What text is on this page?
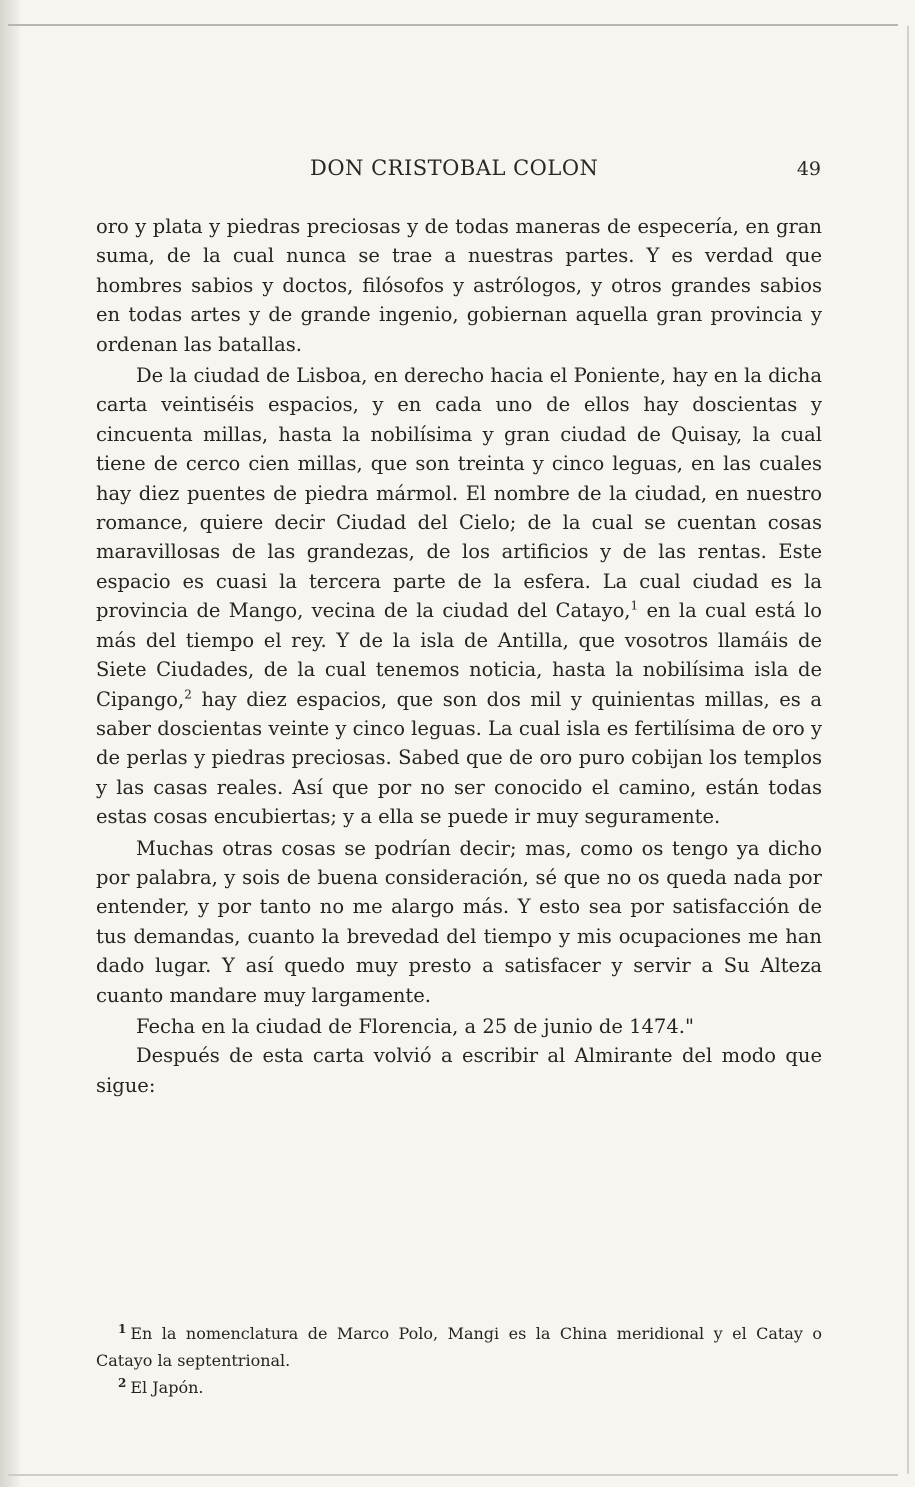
DON CRISTOBAL COLON	49

oro y plata y piedras preciosas y de todas maneras de especería, en gran suma, de la cual nunca se trae a nuestras partes. Y es verdad que hombres sabios y doctos, filósofos y astrólogos, y otros grandes sabios en todas artes y de grande ingenio, gobiernan aquella gran provincia y ordenan las batallas.

De la ciudad de Lisboa, en derecho hacia el Poniente, hay en la dicha carta veintiséis espacios, y en cada uno de ellos hay doscientas y cincuenta millas, hasta la nobilísima y gran ciudad de Quisay, la cual tiene de cerco cien millas, que son treinta y cinco leguas, en las cuales hay diez puentes de piedra mármol. El nombre de la ciudad, en nuestro romance, quiere decir Ciudad del Cielo; de la cual se cuentan cosas maravillosas de las grandezas, de los artificios y de las rentas. Este espacio es cuasi la tercera parte de la esfera. La cual ciudad es la provincia de Mango, vecina de la ciudad del Catayo,$^1$ en la cual está lo más del tiempo el rey. Y de la isla de Antilla, que vosotros llamáis de Siete Ciudades, de la cual tenemos noticia, hasta la nobilísima isla de Cipango,$^2$ hay diez espacios, que son dos mil y quinientas millas, es a saber doscientas veinte y cinco leguas. La cual isla es fertilísima de oro y de perlas y piedras preciosas. Sabed que de oro puro cobijan los templos y las casas reales. Así que por no ser conocido el camino, están todas estas cosas encubiertas; y a ella se puede ir muy seguramente.

Muchas otras cosas se podrían decir; mas, como os tengo ya dicho por palabra, y sois de buena consideración, sé que no os queda nada por entender, y por tanto no me alargo más. Y esto sea por satisfacción de tus demandas, cuanto la brevedad del tiempo y mis ocupaciones me han dado lugar. Y así quedo muy presto a satisfacer y servir a Su Alteza cuanto mandare muy largamente.

Fecha en la ciudad de Florencia, a 25 de junio de 1474."

Después de esta carta volvió a escribir al Almirante del modo que sigue:

$^1$ En la nomenclatura de Marco Polo, Mangi es la China meridional y el Catay o Catayo la septentrional.

$^2$ El Japón.
